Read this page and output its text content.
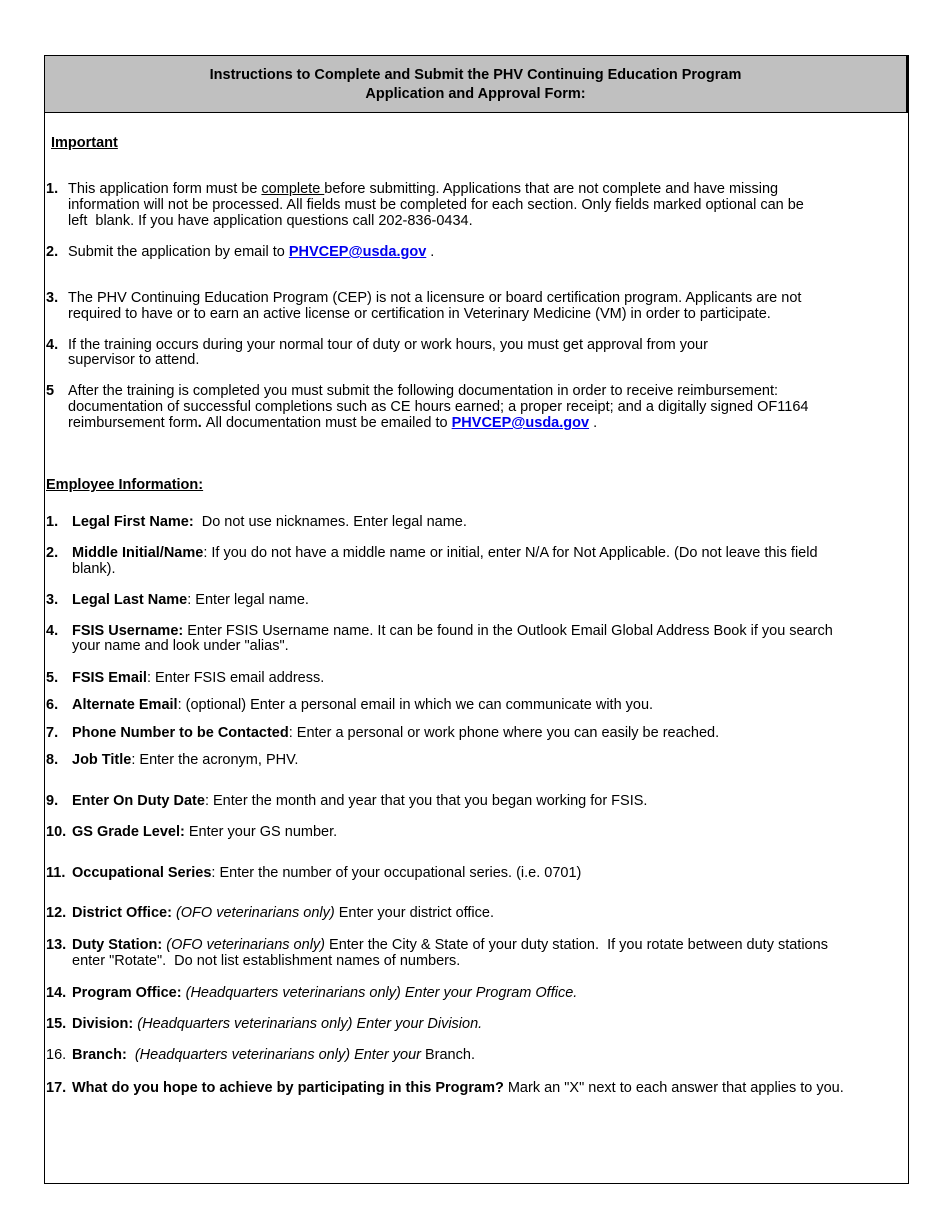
Instructions to Complete and Submit the PHV Continuing Education Program
Application and Approval Form:
Important
1. This application form must be complete before submitting. Applications that are not complete and have missing
information will not be processed. All fields must be completed for each section. Only fields marked optional can be
left  blank. If you have application questions call 202-836-0434.
2. Submit the application by email to PHVCEP@usda.gov .
3. The PHV Continuing Education Program (CEP) is not a licensure or board certification program. Applicants are not
required to have or to earn an active license or certification in Veterinary Medicine (VM) in order to participate.
4. If the training occurs during your normal tour of duty or work hours, you must get approval from your
supervisor to attend.
5 After the training is completed you must submit the following documentation in order to receive reimbursement:
documentation of successful completions such as CE hours earned; a proper receipt; and a digitally signed OF1164
reimbursement form. All documentation must be emailed to PHVCEP@usda.gov .
Employee Information:
1. Legal First Name:  Do not use nicknames. Enter legal name.
2. Middle Initial/Name: If you do not have a middle name or initial, enter N/A for Not Applicable. (Do not leave this field
blank).
3. Legal Last Name: Enter legal name.
4. FSIS Username: Enter FSIS Username name. It can be found in the Outlook Email Global Address Book if you search
your name and look under "alias".
5. FSIS Email: Enter FSIS email address.
6. Alternate Email: (optional) Enter a personal email in which we can communicate with you.
7. Phone Number to be Contacted: Enter a personal or work phone where you can easily be reached.
8. Job Title: Enter the acronym, PHV.
9. Enter On Duty Date: Enter the month and year that you that you began working for FSIS.
10. GS Grade Level: Enter your GS number.
11. Occupational Series: Enter the number of your occupational series. (i.e. 0701)
12. District Office: (OFO veterinarians only) Enter your district office.
13. Duty Station: (OFO veterinarians only) Enter the City & State of your duty station.  If you rotate between duty stations
enter "Rotate".  Do not list establishment names of numbers.
14. Program Office: (Headquarters veterinarians only) Enter your Program Office.
15. Division: (Headquarters veterinarians only) Enter your Division.
16. Branch:  (Headquarters veterinarians only) Enter your Branch.
17. What do you hope to achieve by participating in this Program? Mark an "X" next to each answer that applies to you.
